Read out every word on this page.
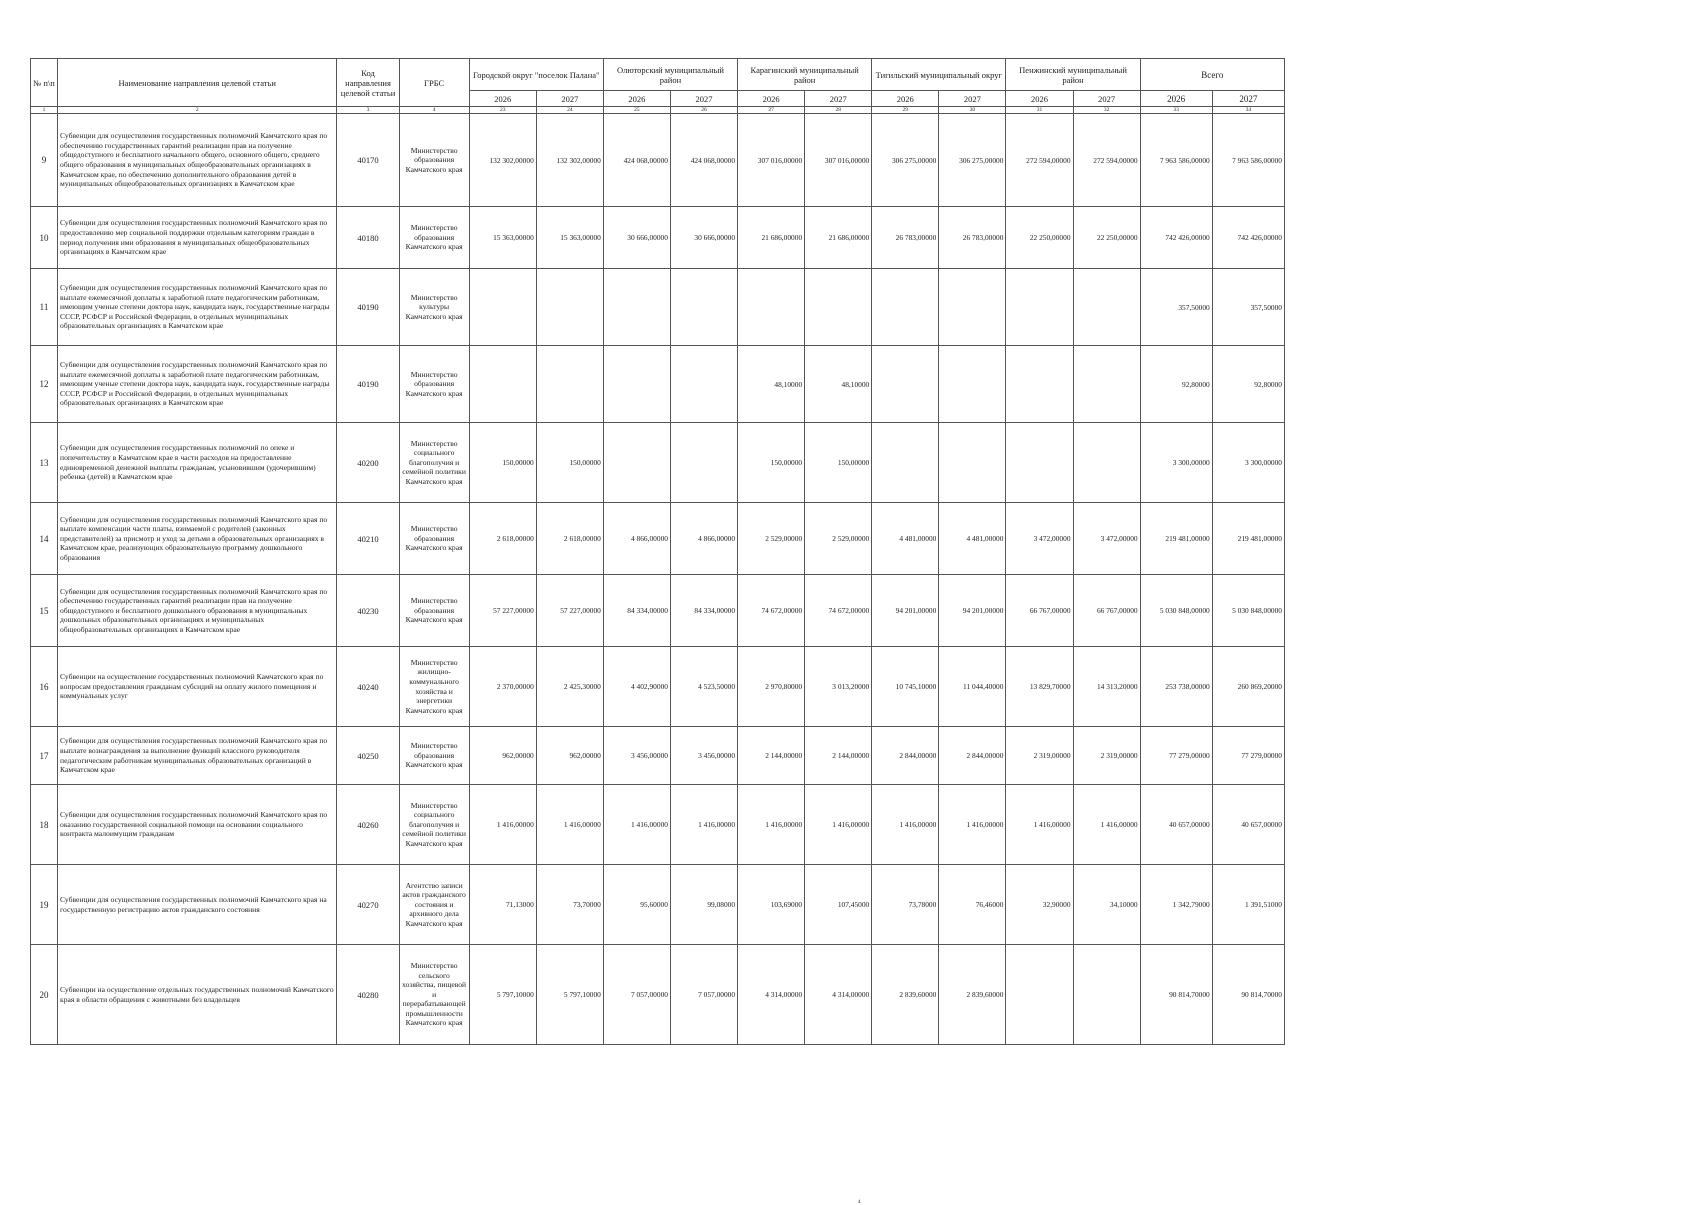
№ п\п	Наименование направления целевой статьи	Код направления целевой статьи	ГРБС	Городской округ "поселок Палана"		Олюторский муниципальный район		Карагинский муниципальный район		Тигильский муниципальный округ		Пенжинский муниципальный район		Всего	
				2026	2027	2026	2027	2026	2027	2026	2027	2026	2027	2026	2027
1	2	3	4	23	24	25	26	27	28	29	30	31	32	33	34
9	Субвенции для осуществления государственных полномочий Камчатского края по обеспечению государственных гарантий реализации прав на получение общедоступного и бесплатного начального общего, основного общего, среднего общего образования в муниципальных общеобразовательных организациях в Камчатском крае, по обеспечению дополнительного образования детей в муниципальных общеобразовательных организациях в Камчатском крае	40170	Министерство образования Камчатского края	132 302,00000	132 302,00000	424 068,00000	424 068,00000	307 016,00000	307 016,00000	306 275,00000	306 275,00000	272 594,00000	272 594,00000	7 963 586,00000	7 963 586,00000
10	Субвенции для осуществления государственных полномочий Камчатского края по предоставлению мер социальной поддержки отдельным категориям граждан в период получения ими образования в муниципальных общеобразовательных организациях в Камчатском крае	40180	Министерство образования Камчатского края	15 363,00000	15 363,00000	30 666,00000	30 666,00000	21 686,00000	21 686,00000	26 783,00000	26 783,00000	22 250,00000	22 250,00000	742 426,00000	742 426,00000
11	Субвенции для осуществления государственных полномочий Камчатского края по выплате ежемесячной доплаты к заработной плате педагогическим работникам, имеющим ученые степени доктора наук, кандидата наук, государственные награды СССР, РСФСР и Российской Федерации, в отдельных муниципальных образовательных организациях в Камчатском крае	40190	Министерство культуры Камчатского края											357,50000	357,50000
12	Субвенции для осуществления государственных полномочий Камчатского края по выплате ежемесячной доплаты к заработной плате педагогическим работникам, имеющим ученые степени доктора наук, кандидата наук, государственные награды СССР, РСФСР и Российской Федерации, в отдельных муниципальных образовательных организациях в Камчатском крае	40190	Министерство образования Камчатского края					48,10000	48,10000					92,80000	92,80000
13	Субвенции для осуществления государственных полномочий по опеке и попечительству в Камчатском крае в части расходов на предоставление единовременной денежной выплаты гражданам, усыновившим (удочерившим) ребенка (детей) в Камчатском крае	40200	Министерство социального благополучия и семейной политики Камчатского края	150,00000	150,00000			150,00000	150,00000					3 300,00000	3 300,00000
14	Субвенции для осуществления государственных полномочий Камчатского края по выплате компенсации части платы, взимаемой с родителей (законных представителей) за присмотр и уход за детьми в образовательных организациях в Камчатском крае, реализующих образовательную программу дошкольного образования	40210	Министерство образования Камчатского края	2 618,00000	2 618,00000	4 866,00000	4 866,00000	2 529,00000	2 529,00000	4 481,00000	4 481,00000	3 472,00000	3 472,00000	219 481,00000	219 481,00000
15	Субвенции для осуществления государственных полномочий Камчатского края по обеспечению государственных гарантий реализации прав на получение общедоступного и бесплатного дошкольного образования в муниципальных дошкольных образовательных организациях и муниципальных общеобразовательных организациях в Камчатском крае	40230	Министерство образования Камчатского края	57 227,00000	57 227,00000	84 334,00000	84 334,00000	74 672,00000	74 672,00000	94 201,00000	94 201,00000	66 767,00000	66 767,00000	5 030 848,00000	5 030 848,00000
16	Субвенции на осуществление государственных полномочий Камчатского края по вопросам предоставления гражданам субсидий на оплату жилого помещения и коммунальных услуг	40240	Министерство жилищно-коммунального хозяйства и энергетики Камчатского края	2 370,00000	2 425,30000	4 402,90000	4 523,50000	2 970,80000	3 013,20000	10 745,10000	11 044,40000	13 829,70000	14 313,20000	253 738,00000	260 869,20000
17	Субвенции для осуществления государственных полномочий Камчатского края по выплате вознаграждения за выполнение функций классного руководителя педагогическим работникам муниципальных образовательных организаций в Камчатском крае	40250	Министерство образования Камчатского края	962,00000	962,00000	3 456,00000	3 456,00000	2 144,00000	2 144,00000	2 844,00000	2 844,00000	2 319,00000	2 319,00000	77 279,00000	77 279,00000
18	Субвенции для осуществления государственных полномочий Камчатского края по оказанию государственной социальной помощи на основании социального контракта малоимущим гражданам	40260	Министерство социального благополучия и семейной политики Камчатского края	1 416,00000	1 416,00000	1 416,00000	1 416,00000	1 416,00000	1 416,00000	1 416,00000	1 416,00000	1 416,00000	1 416,00000	40 657,00000	40 657,00000
19	Субвенции для осуществления государственных полномочий Камчатского края на государственную регистрацию актов гражданского состояния	40270	Агентство записи актов гражданского состояния и архивного дела Камчатского края	71,13000	73,70000	95,60000	99,08000	103,69000	107,45000	73,78000	76,46000	32,90000	34,10000	1 342,79000	1 391,51000
20	Субвенции на осуществление отдельных государственных полномочий Камчатского края в области обращения с животными без владельцев	40280	Министерство сельского хозяйства, пищевой и перерабатывающей промышленности Камчатского края	5 797,10000	5 797,10000	7 057,00000	7 057,00000	4 314,00000	4 314,00000	2 839,60000	2 839,60000			90 814,70000	90 814,70000
4
